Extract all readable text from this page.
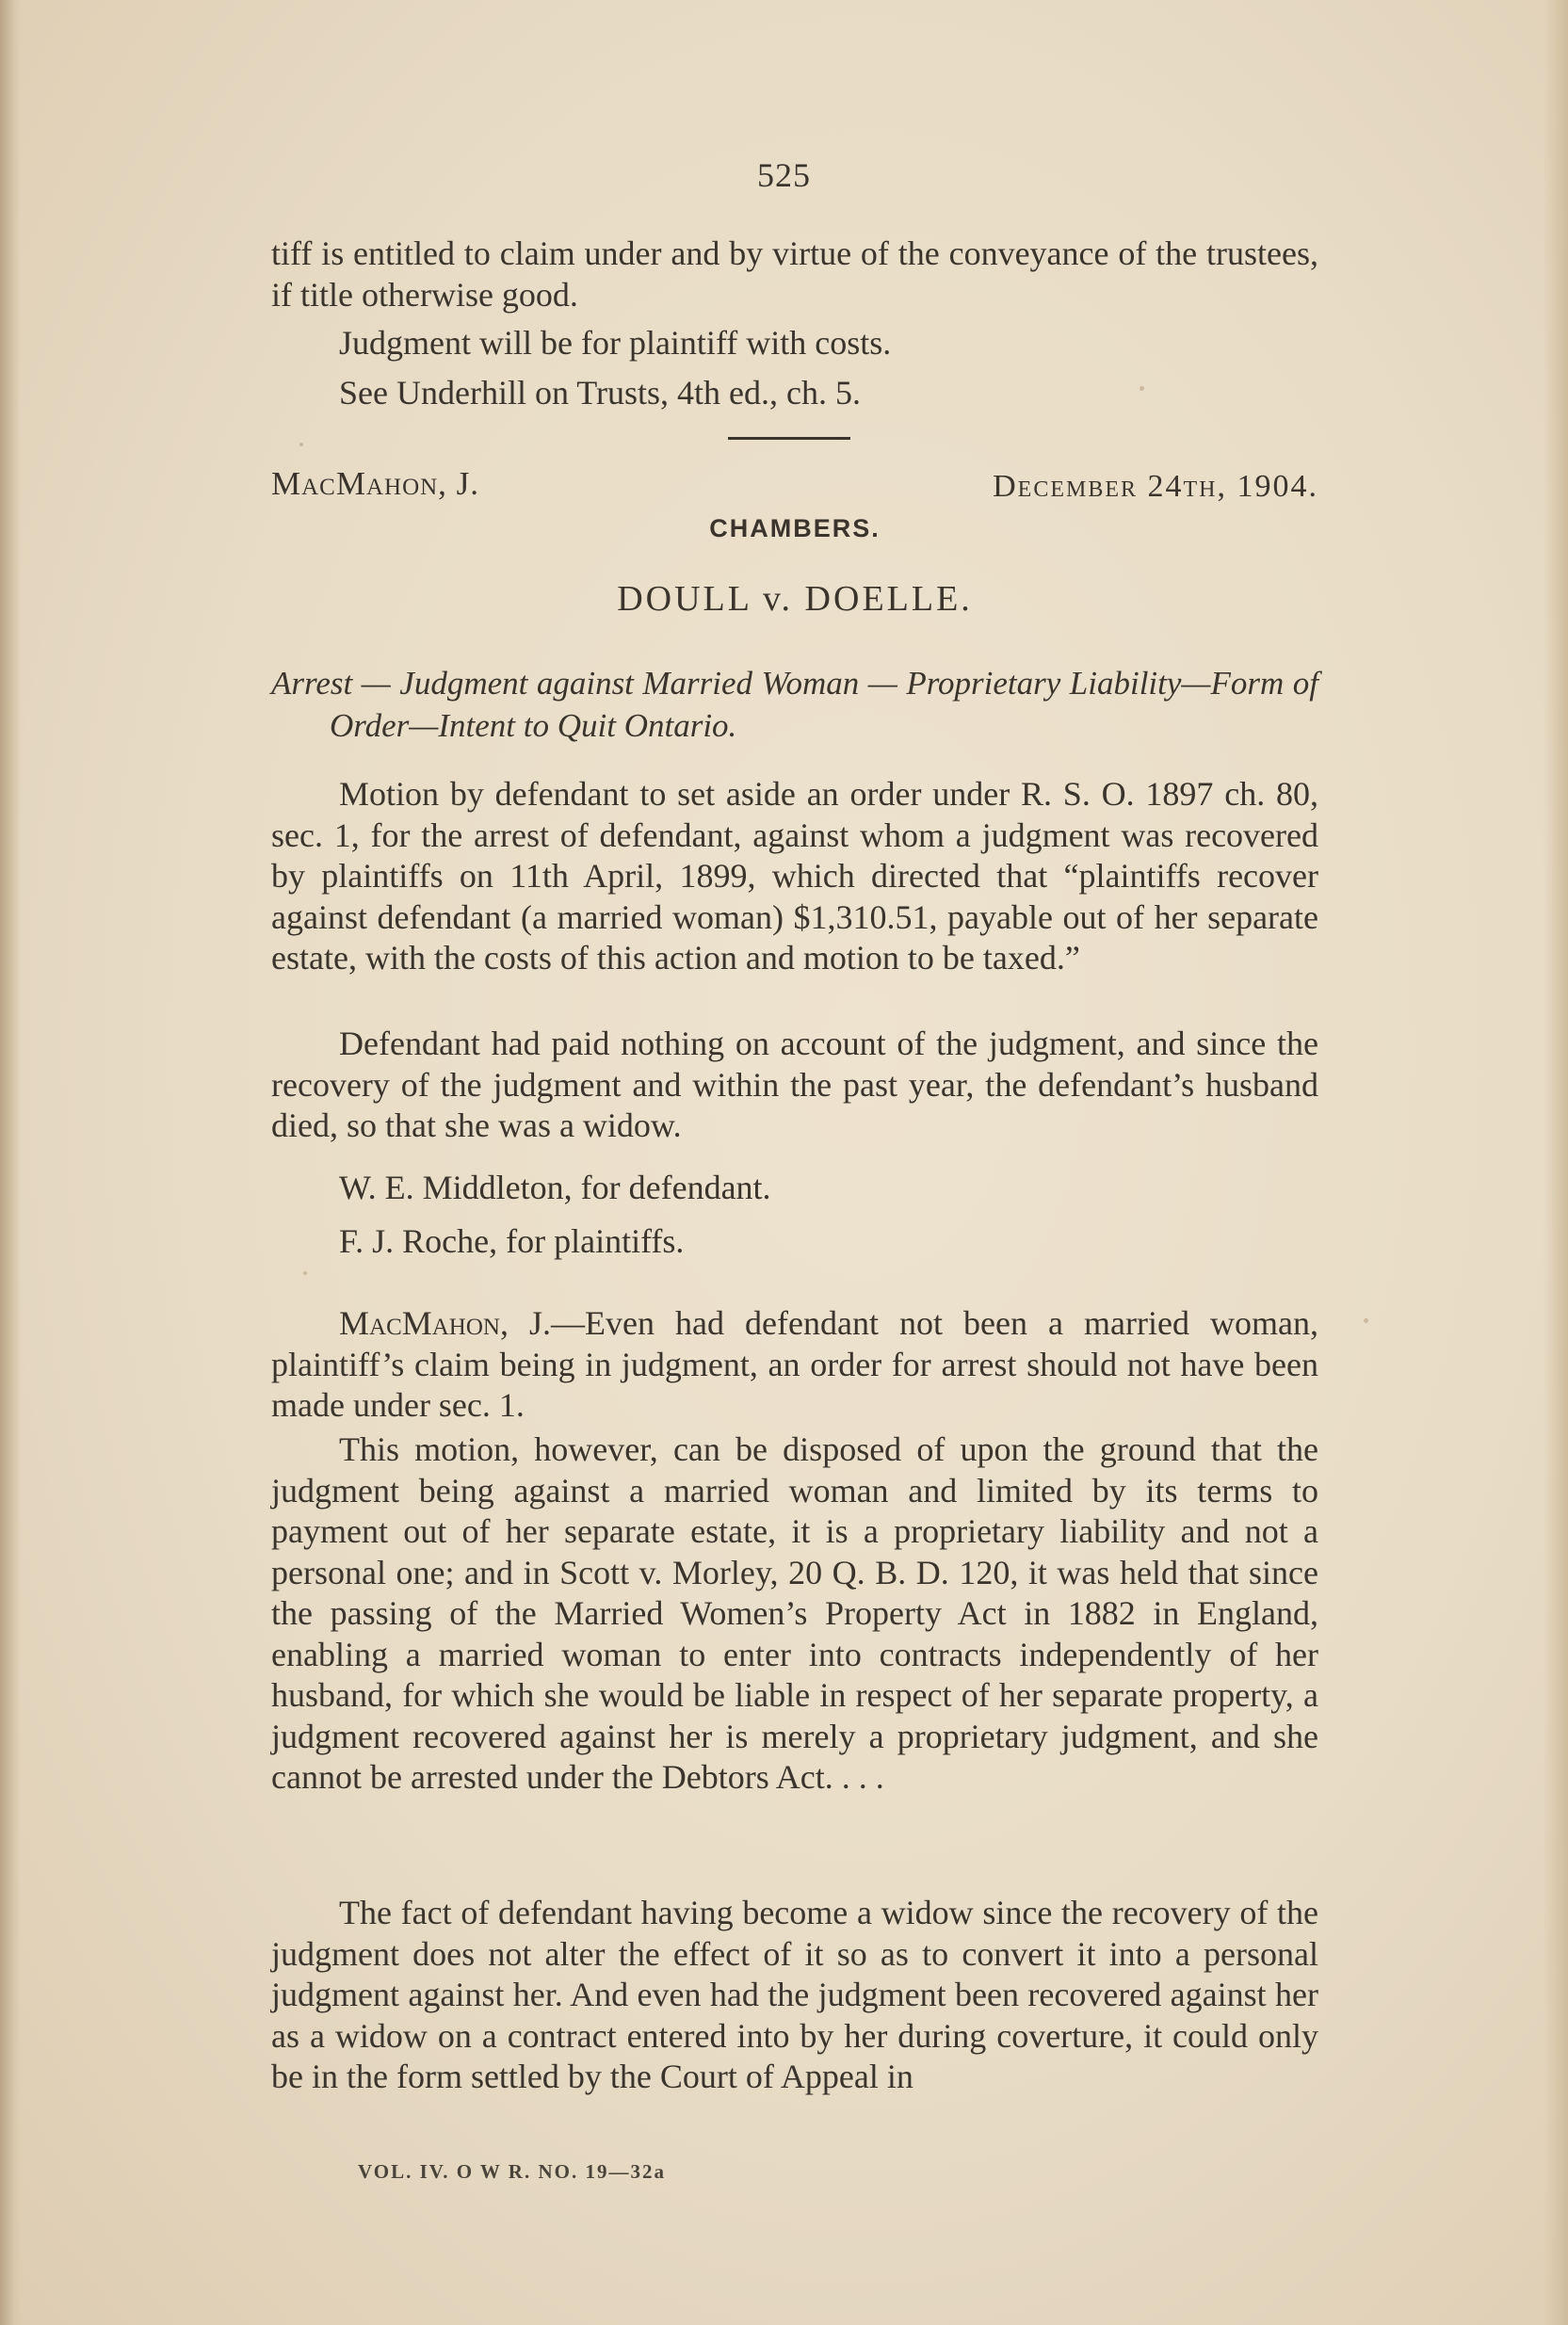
525

tiff is entitled to claim under and by virtue of the conveyance of the trustees, if title otherwise good.

Judgment will be for plaintiff with costs.

See Underhill on Trusts, 4th ed., ch. 5.

MacMahon, J.	December 24th, 1904.
CHAMBERS.
DOULL v. DOELLE.
Arrest — Judgment against Married Woman — Proprietary Liability—Form of Order—Intent to Quit Ontario.

Motion by defendant to set aside an order under R. S. O. 1897 ch. 80, sec. 1, for the arrest of defendant, against whom a judgment was recovered by plaintiffs on 11th April, 1899, which directed that “plaintiffs recover against defendant (a married woman) $1,310.51, payable out of her separate estate, with the costs of this action and motion to be taxed.”

Defendant had paid nothing on account of the judgment, and since the recovery of the judgment and within the past year, the defendant’s husband died, so that she was a widow.

W. E. Middleton, for defendant.
F. J. Roche, for plaintiffs.

MacMahon, J.—Even had defendant not been a married woman, plaintiff’s claim being in judgment, an order for arrest should not have been made under sec. 1.

This motion, however, can be disposed of upon the ground that the judgment being against a married woman and limited by its terms to payment out of her separate estate, it is a proprietary liability and not a personal one; and in Scott v. Morley, 20 Q. B. D. 120, it was held that since the passing of the Married Women’s Property Act in 1882 in England, enabling a married woman to enter into contracts independently of her husband, for which she would be liable in respect of her separate property, a judgment recovered against her is merely a proprietary judgment, and she cannot be arrested under the Debtors Act. . . .

The fact of defendant having become a widow since the recovery of the judgment does not alter the effect of it so as to convert it into a personal judgment against her. And even had the judgment been recovered against her as a widow on a contract entered into by her during coverture, it could only be in the form settled by the Court of Appeal in

VOL. IV. O W R. NO. 19—32a
